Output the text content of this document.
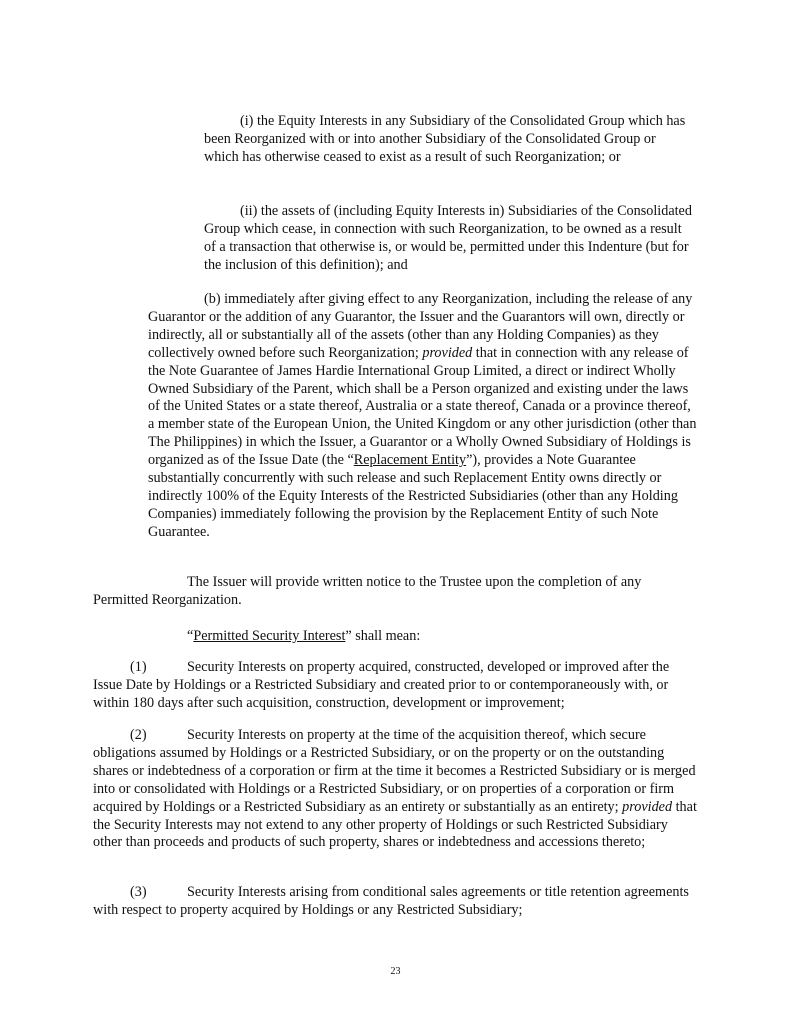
(i) the Equity Interests in any Subsidiary of the Consolidated Group which has been Reorganized with or into another Subsidiary of the Consolidated Group or which has otherwise ceased to exist as a result of such Reorganization; or

(ii) the assets of (including Equity Interests in) Subsidiaries of the Consolidated Group which cease, in connection with such Reorganization, to be owned as a result of a transaction that otherwise is, or would be, permitted under this Indenture (but for the inclusion of this definition); and

(b) immediately after giving effect to any Reorganization, including the release of any Guarantor or the addition of any Guarantor, the Issuer and the Guarantors will own, directly or indirectly, all or substantially all of the assets (other than any Holding Companies) as they collectively owned before such Reorganization; provided that in connection with any release of the Note Guarantee of James Hardie International Group Limited, a direct or indirect Wholly Owned Subsidiary of the Parent, which shall be a Person organized and existing under the laws of the United States or a state thereof, Australia or a state thereof, Canada or a province thereof, a member state of the European Union, the United Kingdom or any other jurisdiction (other than The Philippines) in which the Issuer, a Guarantor or a Wholly Owned Subsidiary of Holdings is organized as of the Issue Date (the “Replacement Entity”), provides a Note Guarantee substantially concurrently with such release and such Replacement Entity owns directly or indirectly 100% of the Equity Interests of the Restricted Subsidiaries (other than any Holding Companies) immediately following the provision by the Replacement Entity of such Note Guarantee.

The Issuer will provide written notice to the Trustee upon the completion of any Permitted Reorganization.

“Permitted Security Interest” shall mean:

(1)	Security Interests on property acquired, constructed, developed or improved after the Issue Date by Holdings or a Restricted Subsidiary and created prior to or contemporaneously with, or within 180 days after such acquisition, construction, development or improvement;

(2)	Security Interests on property at the time of the acquisition thereof, which secure obligations assumed by Holdings or a Restricted Subsidiary, or on the property or on the outstanding shares or indebtedness of a corporation or firm at the time it becomes a Restricted Subsidiary or is merged into or consolidated with Holdings or a Restricted Subsidiary, or on properties of a corporation or firm acquired by Holdings or a Restricted Subsidiary as an entirety or substantially as an entirety; provided that the Security Interests may not extend to any other property of Holdings or such Restricted Subsidiary other than proceeds and products of such property, shares or indebtedness and accessions thereto;

(3)	Security Interests arising from conditional sales agreements or title retention agreements with respect to property acquired by Holdings or any Restricted Subsidiary;

23
